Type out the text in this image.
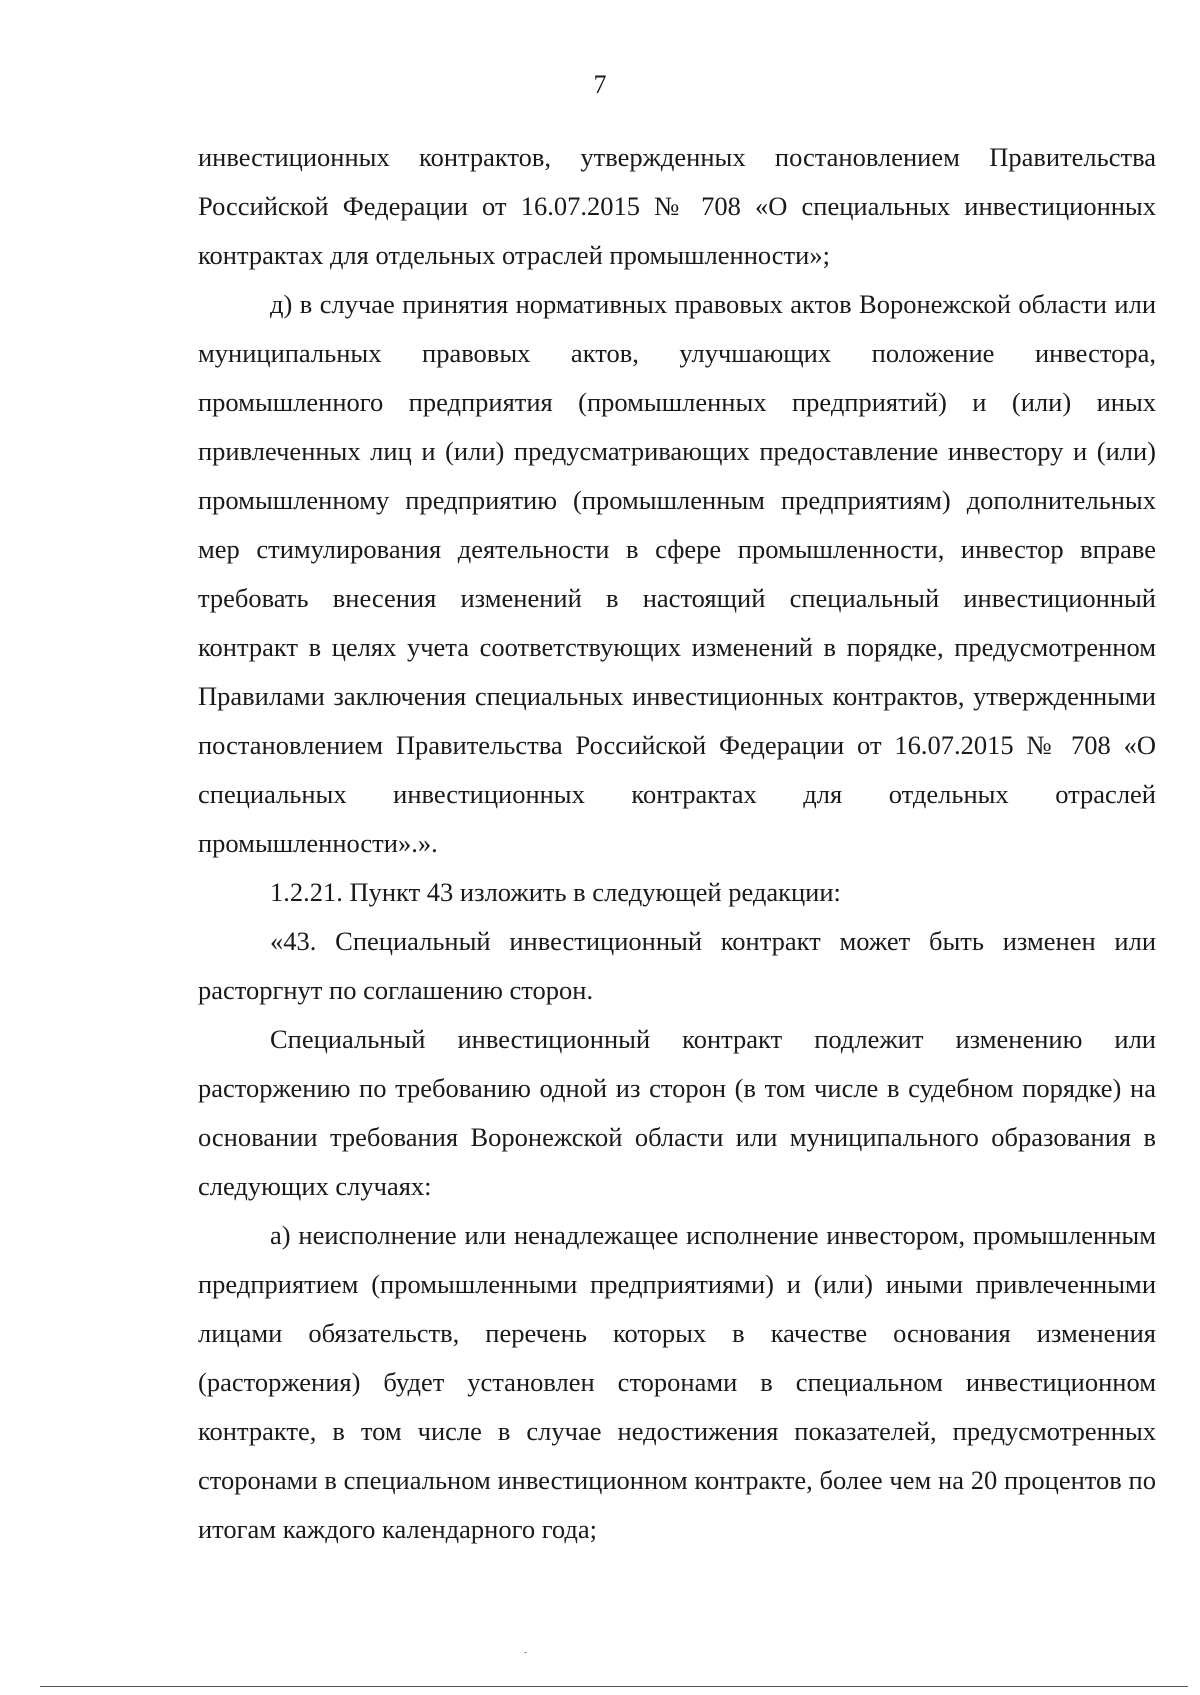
7

инвестиционных контрактов, утвержденных постановлением Правительства Российской Федерации от 16.07.2015 № 708 «О специальных инвестиционных контрактах для отдельных отраслей промышленности»;

д) в случае принятия нормативных правовых актов Воронежской области или муниципальных правовых актов, улучшающих положение инвестора, промышленного предприятия (промышленных предприятий) и (или) иных привлеченных лиц и (или) предусматривающих предоставление инвестору и (или) промышленному предприятию (промышленным предприятиям) дополнительных мер стимулирования деятельности в сфере промышленности, инвестор вправе требовать внесения изменений в настоящий специальный инвестиционный контракт в целях учета соответствующих изменений в порядке, предусмотренном Правилами заключения специальных инвестиционных контрактов, утвержденными постановлением Правительства Российской Федерации от 16.07.2015 № 708 «О специальных инвестиционных контрактах для отдельных отраслей промышленности».».

1.2.21. Пункт 43 изложить в следующей редакции:

«43. Специальный инвестиционный контракт может быть изменен или расторгнут по соглашению сторон.

Специальный инвестиционный контракт подлежит изменению или расторжению по требованию одной из сторон (в том числе в судебном порядке) на основании требования Воронежской области или муниципального образования в следующих случаях:

а) неисполнение или ненадлежащее исполнение инвестором, промышленным предприятием (промышленными предприятиями) и (или) иными привлеченными лицами обязательств, перечень которых в качестве основания изменения (расторжения) будет установлен сторонами в специальном инвестиционном контракте, в том числе в случае недостижения показателей, предусмотренных сторонами в специальном инвестиционном контракте, более чем на 20 процентов по итогам каждого календарного года;
